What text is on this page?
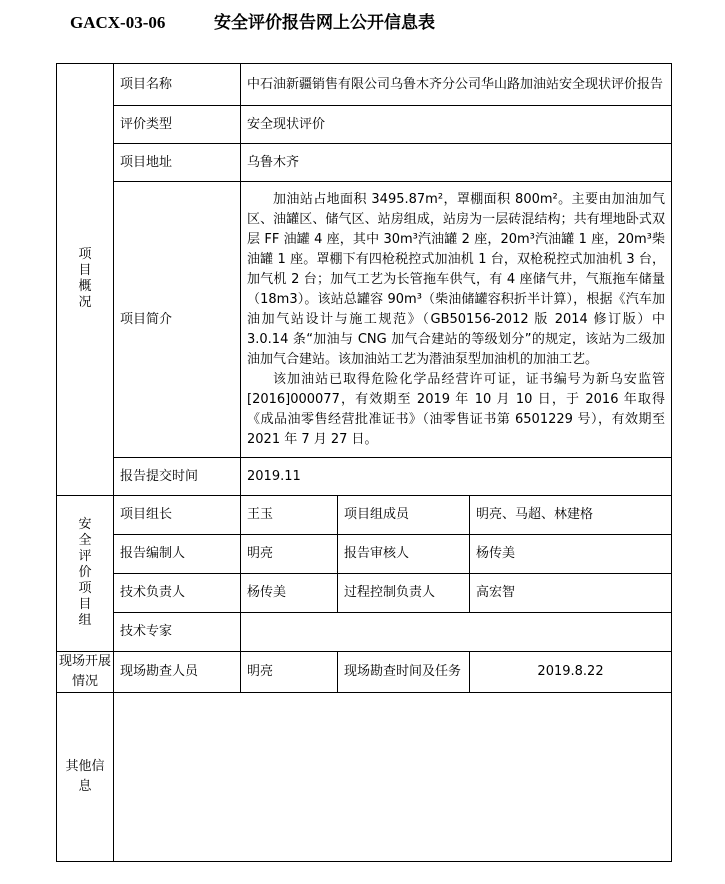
GACX-03-06	安全评价报告网上公开信息表
项目概况	项目名称	中石油新疆销售有限公司乌鲁木齐分公司华山路加油站安全现状评价报告		
	评价类型	安全现状评价		
	项目地址	乌鲁木齐		
	项目简介	加油站占地面积 3495.87m²，罩棚面积 800m²。主要由加油加气区、油罐区、储气区、站房组成，站房为一层砖混结构；共有埋地卧式双层 FF 油罐 4 座，其中 30m³汽油罐 2 座，20m³汽油罐 1 座，20m³柴油罐 1 座。罩棚下有四枪税控式加油机 1 台，双枪税控式加油机 3 台，加气机 2 台；加气工艺为长管拖车供气，有 4 座储气井，气瓶拖车储量（18m3）。该站总罐容 90m³（柴油储罐容积折半计算），根据《汽车加油加气站设计与施工规范》（GB50156-2012 版 2014 修订版）中 3.0.14 条“加油与 CNG 加气合建站的等级划分”的规定，该站为二级加油加气合建站。该加油站工艺为潜油泵型加油机的加油工艺。

该加油站已取得危险化学品经营许可证，证书编号为新乌安监管[2016]000077，有效期至 2019 年 10 月 10 日，于 2016 年取得《成品油零售经营批准证书》（油零售证书第 6501229 号），有效期至 2021 年 7 月 27 日。		

	报告提交时间	2019.11		
安全评价项目组	项目组长	王玉	项目组成员	明亮、马超、林建格
	报告编制人	明亮	报告审核人	杨传美
	技术负责人	杨传美	过程控制负责人	高宏智
	技术专家			
现场开展情况	现场勘查人员	明亮	现场勘查时间及任务	2019.8.22
其他信息				
